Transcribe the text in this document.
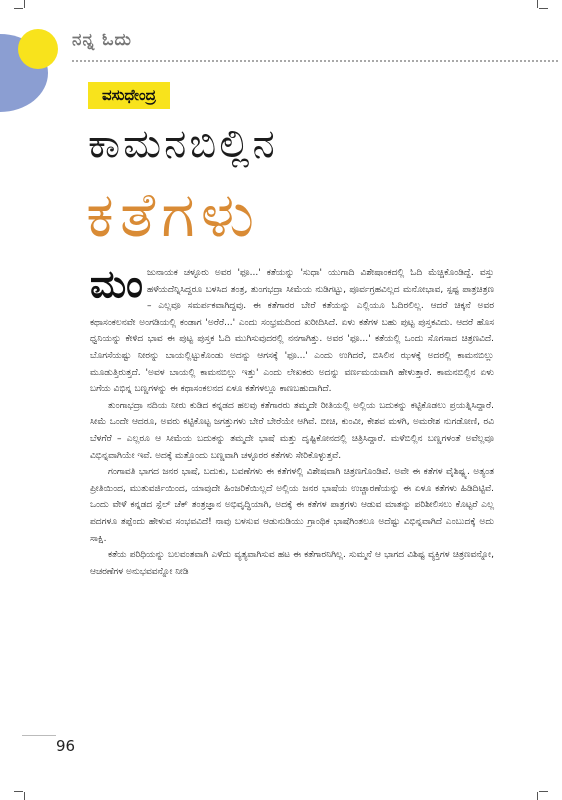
ನನ್ನ ಓದು
ವಸುಧೇಂದ್ರ
ಕಾಮನಬಿಲ್ಲಿನ
ಕತೆಗಳು

ಮಂಜುನಾಯಕ ಚಳ್ಳೂರು ಅವರ 'ಫೂ...' ಕತೆಯನ್ನು 'ಸುಧಾ' ಯುಗಾದಿ ವಿಶೇಷಾಂಕದಲ್ಲಿ ಓದಿ ಮೆಚ್ಚಿಕೊಂಡಿದ್ದೆ. ವಸ್ತು ಹಳೆಯದೆನ್ನಿಸಿದ್ದರೂ ಬಳಸಿದ ತಂತ್ರ, ತುಂಗಭದ್ರಾ ಸೀಮೆಯ ನುಡಿಗಟ್ಟು, ಪೂರ್ವಗ್ರಹವಿಲ್ಲದ ಮನೋಭಾವ, ಸ್ಪಷ್ಟ ಪಾತ್ರಚಿತ್ರಣ – ಎಲ್ಲವೂ ಸಮರ್ಪಕವಾಗಿದ್ದವು. ಈ ಕತೆಗಾರರ ಬೇರೆ ಕತೆಯನ್ನು ಎಲ್ಲಿಯೂ ಓದಿರಲಿಲ್ಲ. ಆದರೆ ಚಿಕ್ಕನೆ ಅವರ ಕಥಾಸಂಕಲನವೇ ಅಂಗಡಿಯಲ್ಲಿ ಕಂಡಾಗ 'ಅರೆರೆ...' ಎಂದು ಸಂಭ್ರಮದಿಂದ ಖರೀದಿಸಿದೆ. ಏಳು ಕತೆಗಳ ಬಹು ಪುಟ್ಟ ಪುಸ್ತಕವಿದು. ಆದರೆ ಹೊಸ ಧ್ವನಿಯನ್ನು ಕೇಳಿದ ಭಾವ ಈ ಪುಟ್ಟ ಪುಸ್ತಕ ಓದಿ ಮುಗಿಸುವುದರಲ್ಲಿ ನನಗಾಗಿತ್ತು. ಅವರ 'ಫೂ...' ಕತೆಯಲ್ಲಿ ಒಂದು ಸೊಗಸಾದ ಚಿತ್ರಣವಿದೆ. ಬೊಗಸೆಯಷ್ಟು ನೀರನ್ನು ಬಾಯಲ್ಲಿಟ್ಟುಕೊಂಡು ಅದನ್ನು ಆಗಸಕ್ಕೆ 'ಫೂ...' ಎಂದು ಉಗಿದರೆ, ಬಿಸಿಲಿನ ಝಳಕ್ಕೆ ಅದರಲ್ಲಿ ಕಾಮನಬಿಲ್ಲು ಮೂಡುತ್ತಿರುತ್ತದೆ. 'ಅವಳ ಬಾಯಲ್ಲಿ ಕಾಮನಬಿಲ್ಲು ಇತ್ತು' ಎಂದು ಲೇಖಕರು ಅದನ್ನು ವರ್ಣಮಯವಾಗಿ ಹೇಳುತ್ತಾರೆ. ಕಾಮನಬಿಲ್ಲಿನ ಏಳು ಬಗೆಯ ವಿಭಿನ್ನ ಬಣ್ಣಗಳನ್ನು ಈ ಕಥಾಸಂಕಲನದ ಏಳೂ ಕತೆಗಳಲ್ಲೂ ಕಾಣಬಹುದಾಗಿದೆ.

ತುಂಗಾಭದ್ರಾ ನದಿಯ ನೀರು ಕುಡಿದ ಕನ್ನಡದ ಹಲವು ಕತೆಗಾರರು ತಮ್ಮದೇ ರೀತಿಯಲ್ಲಿ ಅಲ್ಲಿಯ ಬದುಕನ್ನು ಕಟ್ಟಿಕೊಡಲು ಪ್ರಯತ್ನಿಸಿದ್ದಾರೆ. ಸೀಮೆ ಒಂದೇ ಆದರೂ, ಅವರು ಕಟ್ಟಿಕೊಟ್ಟ ಜಗತ್ತುಗಳು ಬೇರೆ ಬೇರೆಯೇ ಆಗಿವೆ. ಬೀಚಿ, ಕುಂವೀ, ಕೇಶವ ಮಳಗಿ, ಅಮರೇಶ ನುಗಡೋಣಿ, ರವಿ ಬೆಳಗೆರೆ – ಎಲ್ಲರೂ ಆ ಸೀಮೆಯ ಬದುಕನ್ನು ತಮ್ಮದೇ ಭಾಷೆ ಮತ್ತು ದೃಷ್ಟಿಕೋನದಲ್ಲಿ ಚಿತ್ರಿಸಿದ್ದಾರೆ. ಮಳೆಬಿಲ್ಲಿನ ಬಣ್ಣಗಳಂತೆ ಅವೆಲ್ಲವೂ ವಿಭಿನ್ನವಾಗಿಯೇ ಇವೆ. ಅದಕ್ಕೆ ಮತ್ತೊಂದು ಬಣ್ಣವಾಗಿ ಚಳ್ಳೂರರ ಕತೆಗಳು ಸೇರಿಕೊಳ್ಳುತ್ತವೆ.

ಗಂಗಾವತಿ ಭಾಗದ ಜನರ ಭಾಷೆ, ಬದುಕು, ಬವಣೆಗಳು ಈ ಕತೆಗಳಲ್ಲಿ ವಿಶೇಷವಾಗಿ ಚಿತ್ರಣಗೊಂಡಿವೆ. ಅವೇ ಈ ಕತೆಗಳ ವೈಶಿಷ್ಟ್ಯ. ಅತ್ಯಂತ ಪ್ರೀತಿಯಿಂದ, ಮುತುವರ್ಜಿಯಿಂದ, ಯಾವುದೇ ಹಿಂಜರಿಕೆಯಿಲ್ಲದೆ ಅಲ್ಲಿಯ ಜನರ ಭಾಷೆಯ ಉಚ್ಚಾರಣೆಯನ್ನು ಈ ಏಳೂ ಕತೆಗಳು ಹಿಡಿದಿಟ್ಟಿವೆ. ಒಂದು ವೇಳೆ ಕನ್ನಡದ ಸ್ಪೆಲ್ ಚೆಕ್ ತಂತ್ರಜ್ಞಾನ ಅಭಿವೃದ್ಧಿಯಾಗಿ, ಅದಕ್ಕೆ ಈ ಕತೆಗಳ ಪಾತ್ರಗಳು ಆಡುವ ಮಾತನ್ನು ಪರಿಶೀಲಿಸಲು ಕೊಟ್ಟರೆ ಎಲ್ಲ ಪದಗಳೂ ತಪ್ಪೆಂದು ಹೇಳುವ ಸಂಭವವಿದೆ! ನಾವು ಬಳಸುವ ಆಡುನುಡಿಯು ಗ್ರಾಂಥಿಕ ಭಾಷೆಗಿಂತಲೂ ಅದೆಷ್ಟು ವಿಭಿನ್ನವಾಗಿದೆ ಎಂಬುದಕ್ಕೆ ಅದು ಸಾಕ್ಷಿ.

ಕತೆಯ ಪರಿಧಿಯನ್ನು ಬಲವಂತವಾಗಿ ಎಳೆದು ವ್ಯತ್ಯವಾಗಿಸುವ ಹಟ ಈ ಕತೆಗಾರನಿಗಿಲ್ಲ. ಸುಮ್ಮನೆ ಆ ಭಾಗದ ವಿಶಿಷ್ಟ ವ್ಯಕ್ತಿಗಳ ಚಿತ್ರಣವನ್ನೋ, ಆಚರಣೆಗಳ ಅನುಭವವನ್ನೋ ನೀಡಿ

96
